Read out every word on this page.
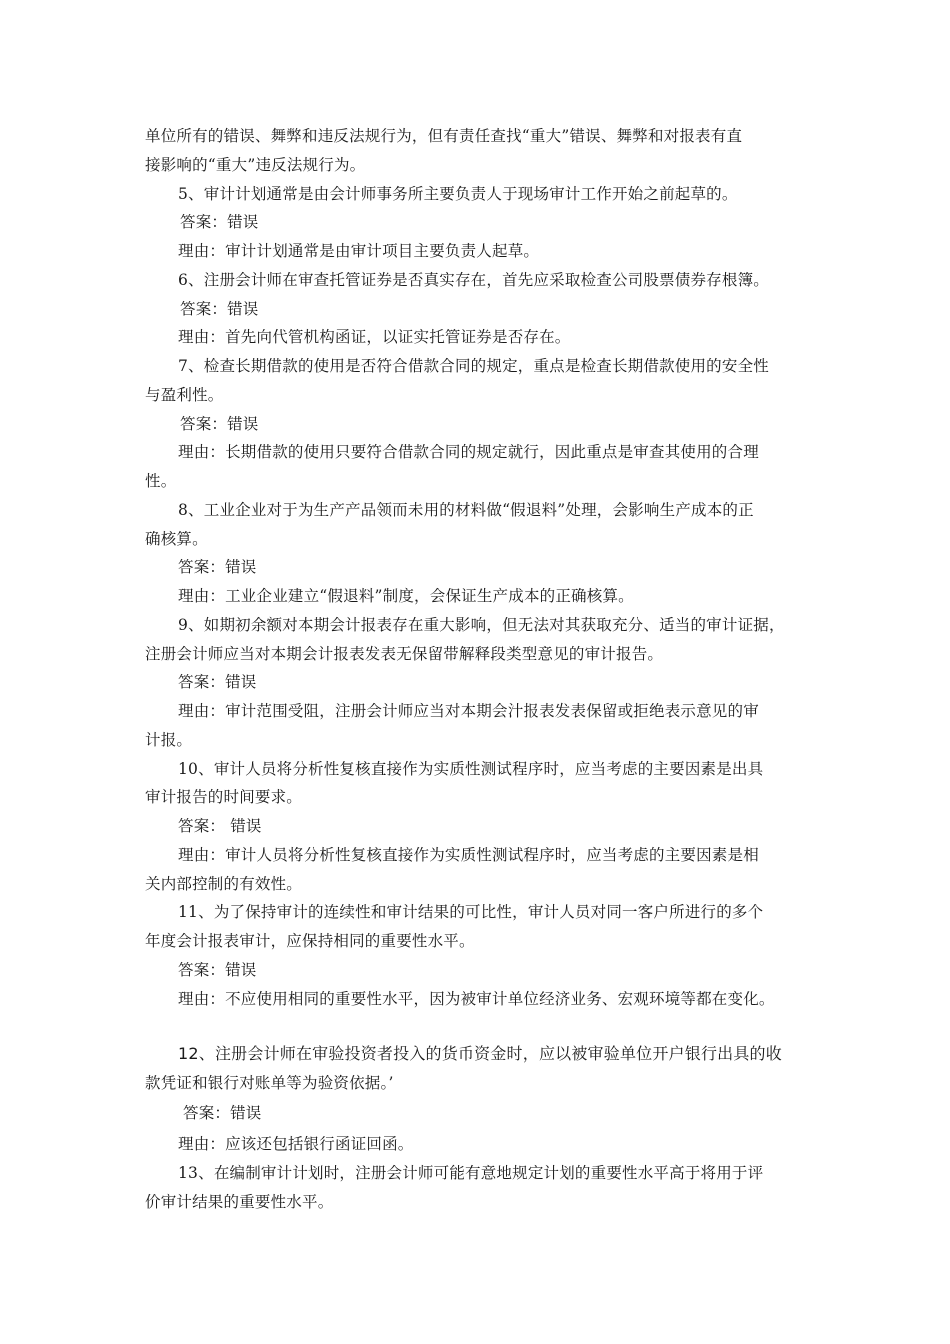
单位所有的错误、舞弊和违反法规行为，但有责任查找“重大”错误、舞弊和对报表有直
接影响的“重大”违反法规行为。
5、审计计划通常是由会计师事务所主要负责人于现场审计工作开始之前起草的。
答案：错误
理由：审计计划通常是由审计项目主要负责人起草。
6、注册会计师在审查托管证券是否真实存在，首先应采取检查公司股票债券存根簿。
答案：错误
理由：首先向代管机构函证，以证实托管证券是否存在。
7、检查长期借款的使用是否符合借款合同的规定，重点是检查长期借款使用的安全性
与盈利性。
答案：错误
理由：长期借款的使用只要符合借款合同的规定就行，因此重点是审查其使用的合理
性。
8、工业企业对于为生产产品领而未用的材料做“假退料”处理，会影响生产成本的正
确核算。
答案：错误
理由：工业企业建立“假退料”制度，会保证生产成本的正确核算。
9、如期初余额对本期会计报表存在重大影响，但无法对其获取充分、适当的审计证据，
注册会计师应当对本期会计报表发表无保留带解释段类型意见的审计报告。
答案：错误
理由：审计范围受阻，注册会计师应当对本期会汁报表发表保留或拒绝表示意见的审
计报。
10、审计人员将分析性复核直接作为实质性测试程序时，应当考虑的主要因素是出具
审计报告的时间要求。
答案： 错误
理由：审计人员将分析性复核直接作为实质性测试程序时，应当考虑的主要因素是相
关内部控制的有效性。
11、为了保持审计的连续性和审计结果的可比性，审计人员对同一客户所进行的多个
年度会计报表审计，应保持相同的重要性水平。
答案：错误
理由：不应使用相同的重要性水平，因为被审计单位经济业务、宏观环境等都在变化。
12、注册会计师在审验投资者投入的货币资金时，应以被审验单位开户银行出具的收
款凭证和银行对账单等为验资依据。’
答案：错误
理由：应该还包括银行函证回函。
13、在编制审计计划时，注册会计师可能有意地规定计划的重要性水平高于将用于评
价审计结果的重要性水平。
